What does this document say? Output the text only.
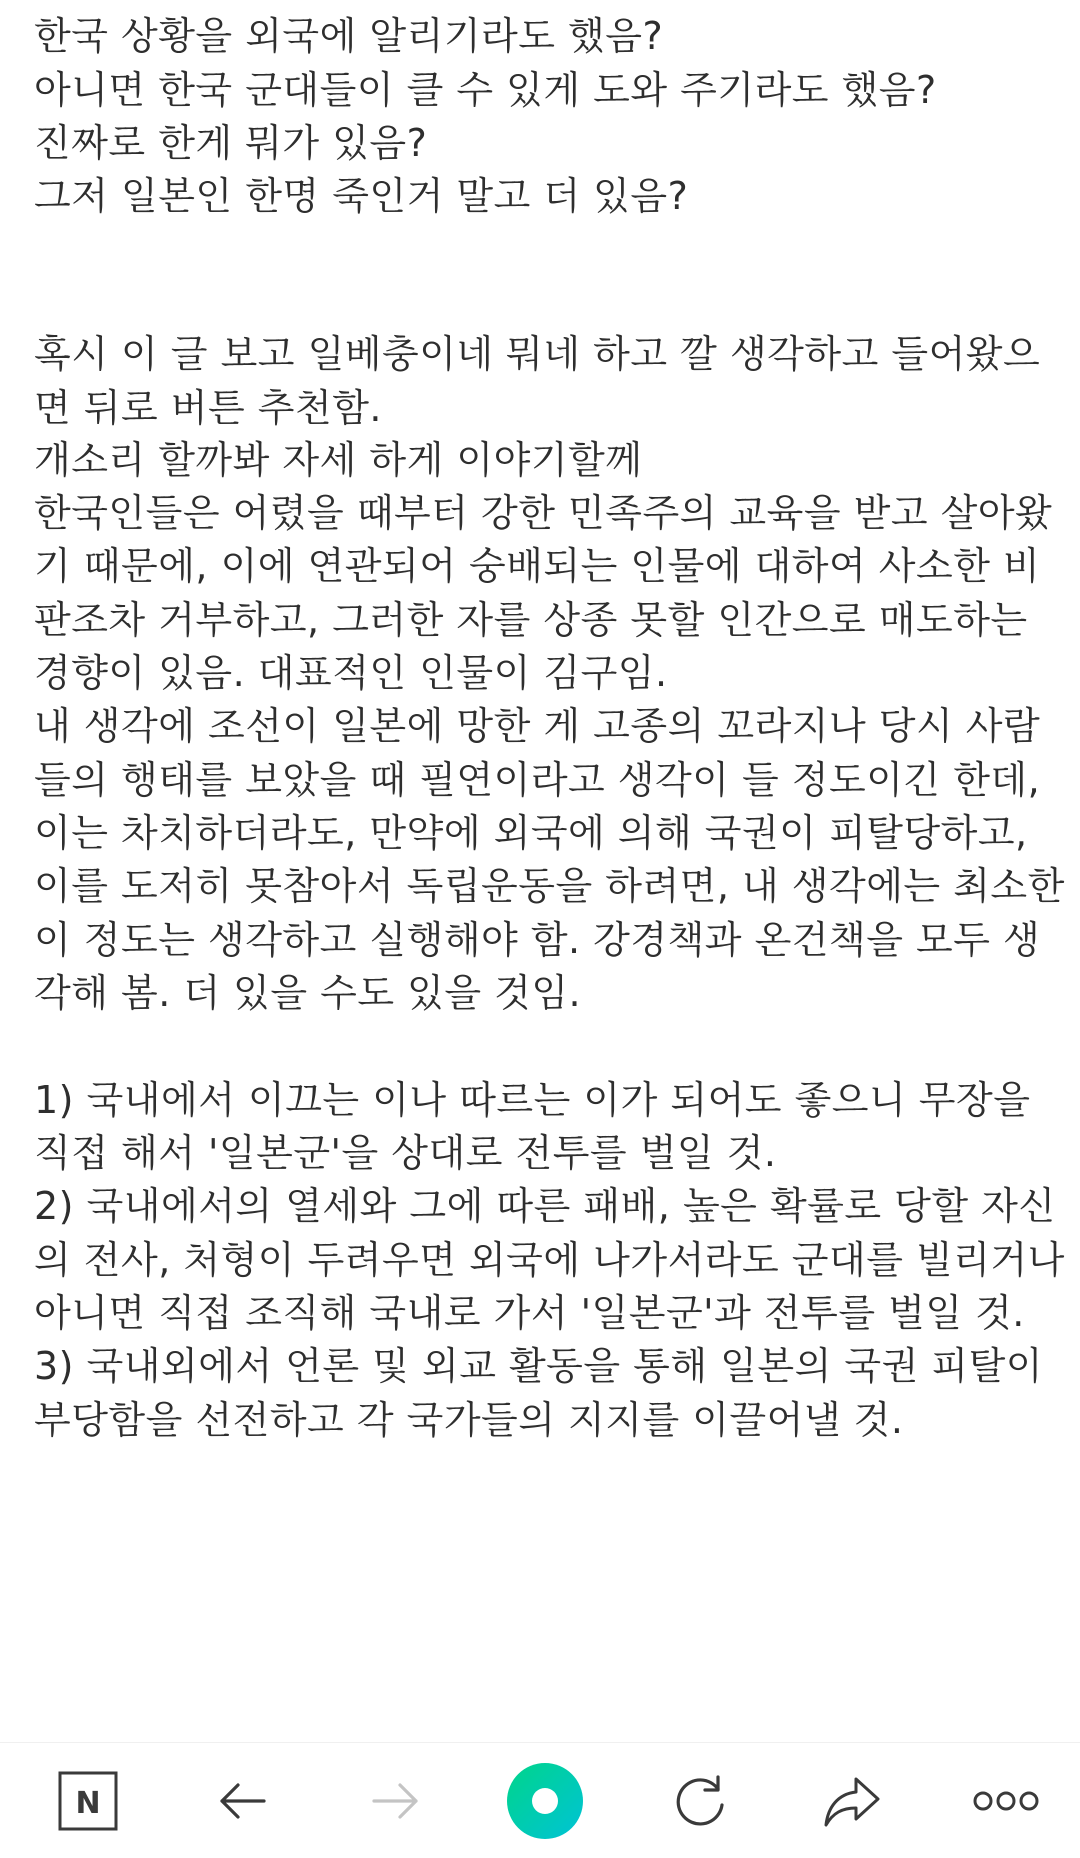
한국 상황을 외국에 알리기라도 했음?
아니면 한국 군대들이 클 수 있게 도와 주기라도 했음?
진짜로 한게 뭐가 있음?
그저 일본인 한명 죽인거 말고 더 있음?
혹시 이 글 보고 일베충이네 뭐네 하고 깔 생각하고 들어왔으
면 뒤로 버튼 추천함.
개소리 할까봐 자세 하게 이야기할께
한국인들은 어렸을 때부터 강한 민족주의 교육을 받고 살아왔
기 때문에, 이에 연관되어 숭배되는 인물에 대하여 사소한 비
판조차 거부하고, 그러한 자를 상종 못할 인간으로 매도하는
경향이 있음. 대표적인 인물이 김구임.
내 생각에 조선이 일본에 망한 게 고종의 꼬라지나 당시 사람
들의 행태를 보았을 때 필연이라고 생각이 들 정도이긴 한데,
이는 차치하더라도, 만약에 외국에 의해 국권이 피탈당하고,
이를 도저히 못참아서 독립운동을 하려면, 내 생각에는 최소한
이 정도는 생각하고 실행해야 함. 강경책과 온건책을 모두 생
각해 봄. 더 있을 수도 있을 것임.
1) 국내에서 이끄는 이나 따르는 이가 되어도 좋으니 무장을
직접 해서 '일본군'을 상대로 전투를 벌일 것.
2) 국내에서의 열세와 그에 따른 패배, 높은 확률로 당할 자신
의 전사, 처형이 두려우면 외국에 나가서라도 군대를 빌리거나
아니면 직접 조직해 국내로 가서 '일본군'과 전투를 벌일 것.
3) 국내외에서 언론 및 외교 활동을 통해 일본의 국권 피탈이
부당함을 선전하고 각 국가들의 지지를 이끌어낼 것.
N
